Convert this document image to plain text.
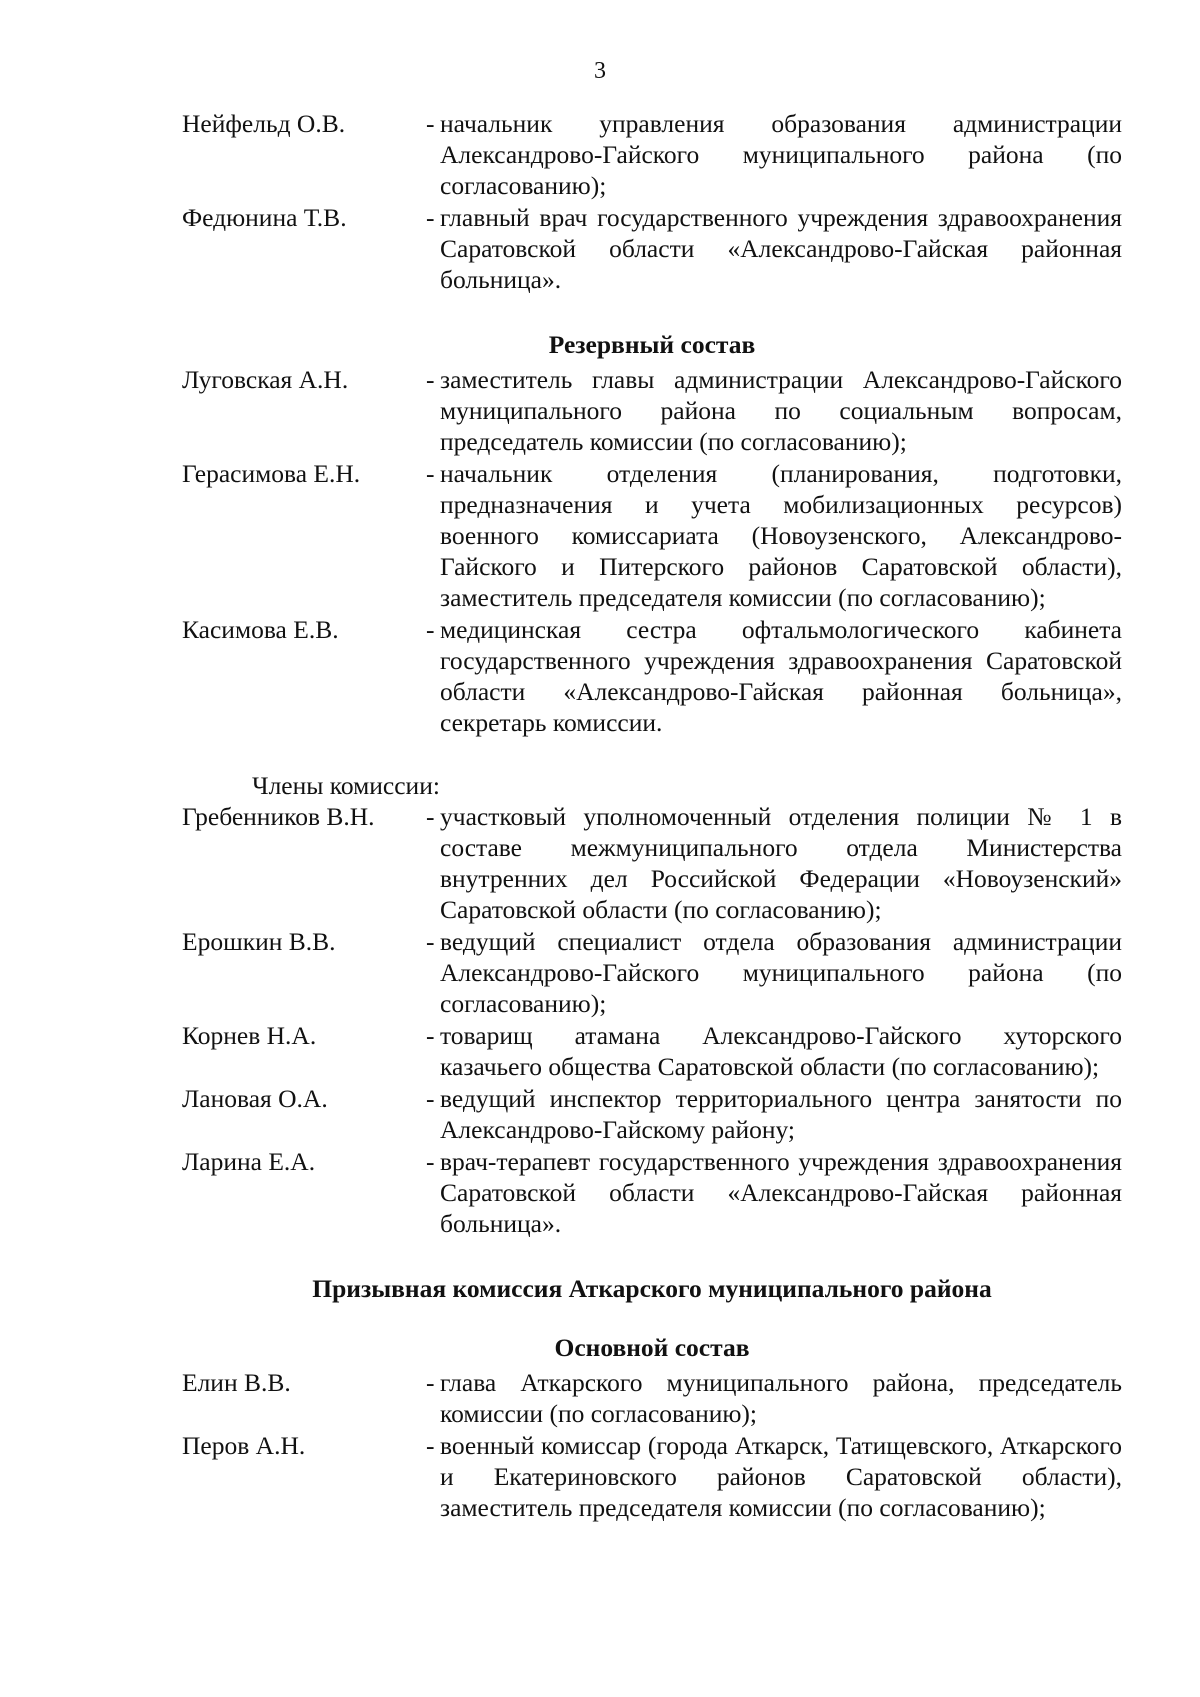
3
Нейфельд О.В.	- начальник управления образования администрации Александрово-Гайского муниципального района (по согласованию);
Федюнина Т.В.	- главный врач государственного учреждения здравоохранения Саратовской области «Александрово-Гайская районная больница».
Резервный состав
Луговская А.Н.	- заместитель главы администрации Александрово-Гайского муниципального района по социальным вопросам, председатель комиссии (по согласованию);
Герасимова Е.Н.	- начальник отделения (планирования, подготовки, предназначения и учета мобилизационных ресурсов) военного комиссариата (Новоузенского, Александрово-Гайского и Питерского районов Саратовской области), заместитель председателя комиссии (по согласованию);
Касимова Е.В.	- медицинская сестра офтальмологического кабинета государственного учреждения здравоохранения Саратовской области «Александрово-Гайская районная больница», секретарь комиссии.
Члены комиссии:
Гребенников В.Н.	- участковый уполномоченный отделения полиции № 1 в составе межмуниципального отдела Министерства внутренних дел Российской Федерации «Новоузенский» Саратовской области (по согласованию);
Ерошкин В.В.	- ведущий специалист отдела образования администрации Александрово-Гайского муниципального района (по согласованию);
Корнев Н.А.	- товарищ атамана Александрово-Гайского хуторского казачьего общества Саратовской области (по согласованию);
Лановая О.А.	- ведущий инспектор территориального центра занятости по Александрово-Гайскому району;
Ларина Е.А.	- врач-терапевт государственного учреждения здравоохранения Саратовской области «Александрово-Гайская районная больница».
Призывная комиссия Аткарского муниципального района
Основной состав
Елин В.В.	- глава Аткарского муниципального района, председатель комиссии (по согласованию);
Перов А.Н.	- военный комиссар (города Аткарск, Татищевского, Аткарского и Екатериновского районов Саратовской области), заместитель председателя комиссии (по согласованию);
